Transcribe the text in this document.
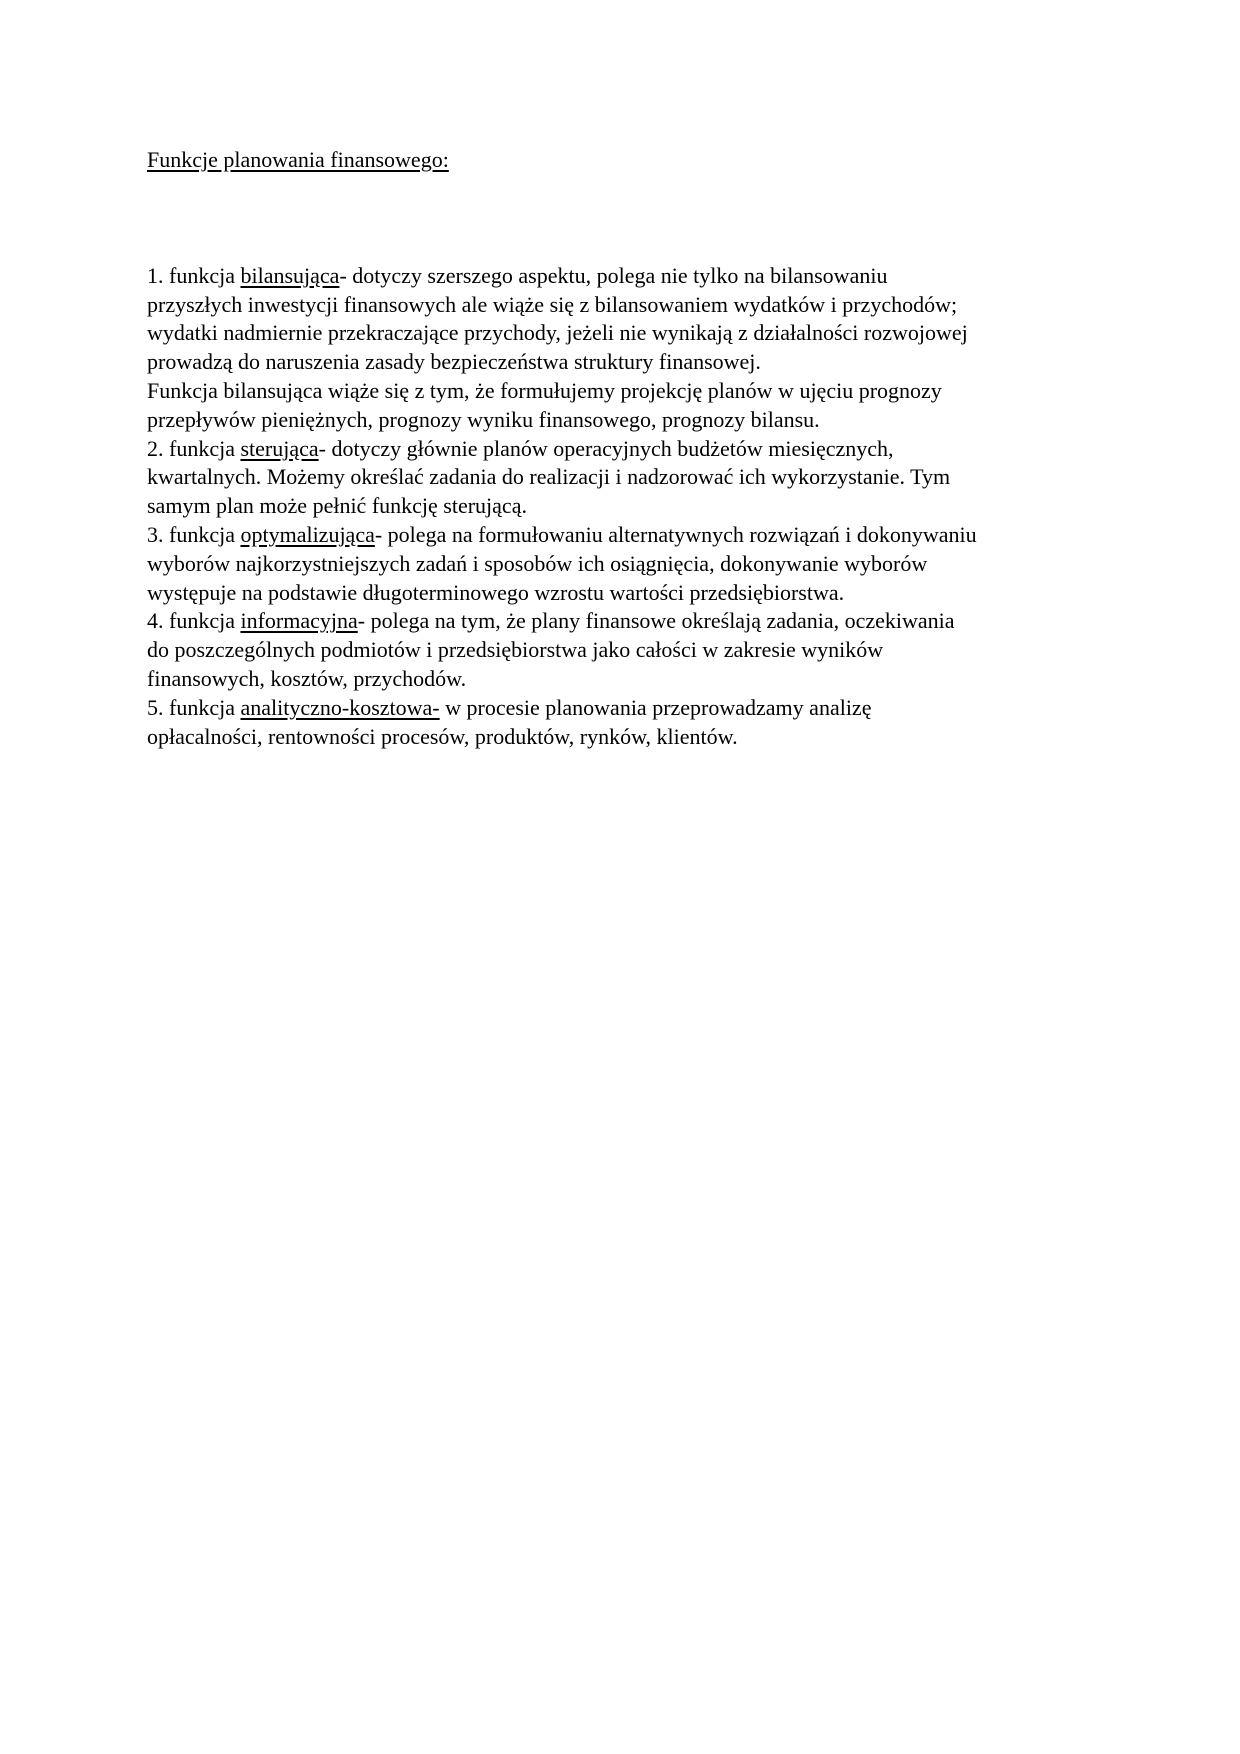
Funkcje planowania finansowego:
1. funkcja bilansująca- dotyczy szerszego aspektu, polega nie tylko na bilansowaniu
przyszłych inwestycji finansowych ale wiąże się z bilansowaniem wydatków i przychodów;
wydatki nadmiernie przekraczające przychody, jeżeli nie wynikają z działalności rozwojowej
prowadzą do naruszenia zasady bezpieczeństwa struktury finansowej.
Funkcja bilansująca wiąże się z tym, że formułujemy projekcję planów w ujęciu prognozy
przepływów pieniężnych, prognozy wyniku finansowego, prognozy bilansu.
2. funkcja sterująca- dotyczy głównie planów operacyjnych budżetów miesięcznych,
kwartalnych. Możemy określać zadania do realizacji i nadzorować ich wykorzystanie. Tym
samym plan może pełnić funkcję sterującą.
3. funkcja optymalizująca- polega na formułowaniu alternatywnych rozwiązań i dokonywaniu
wyborów najkorzystniejszych zadań i sposobów ich osiągnięcia, dokonywanie wyborów
występuje na podstawie długoterminowego wzrostu wartości przedsiębiorstwa.
4. funkcja informacyjna- polega na tym, że plany finansowe określają zadania, oczekiwania
do poszczególnych podmiotów i przedsiębiorstwa jako całości w zakresie wyników
finansowych, kosztów, przychodów.
5. funkcja analityczno-kosztowa- w procesie planowania przeprowadzamy analizę
opłacalności, rentowności procesów, produktów, rynków, klientów.
